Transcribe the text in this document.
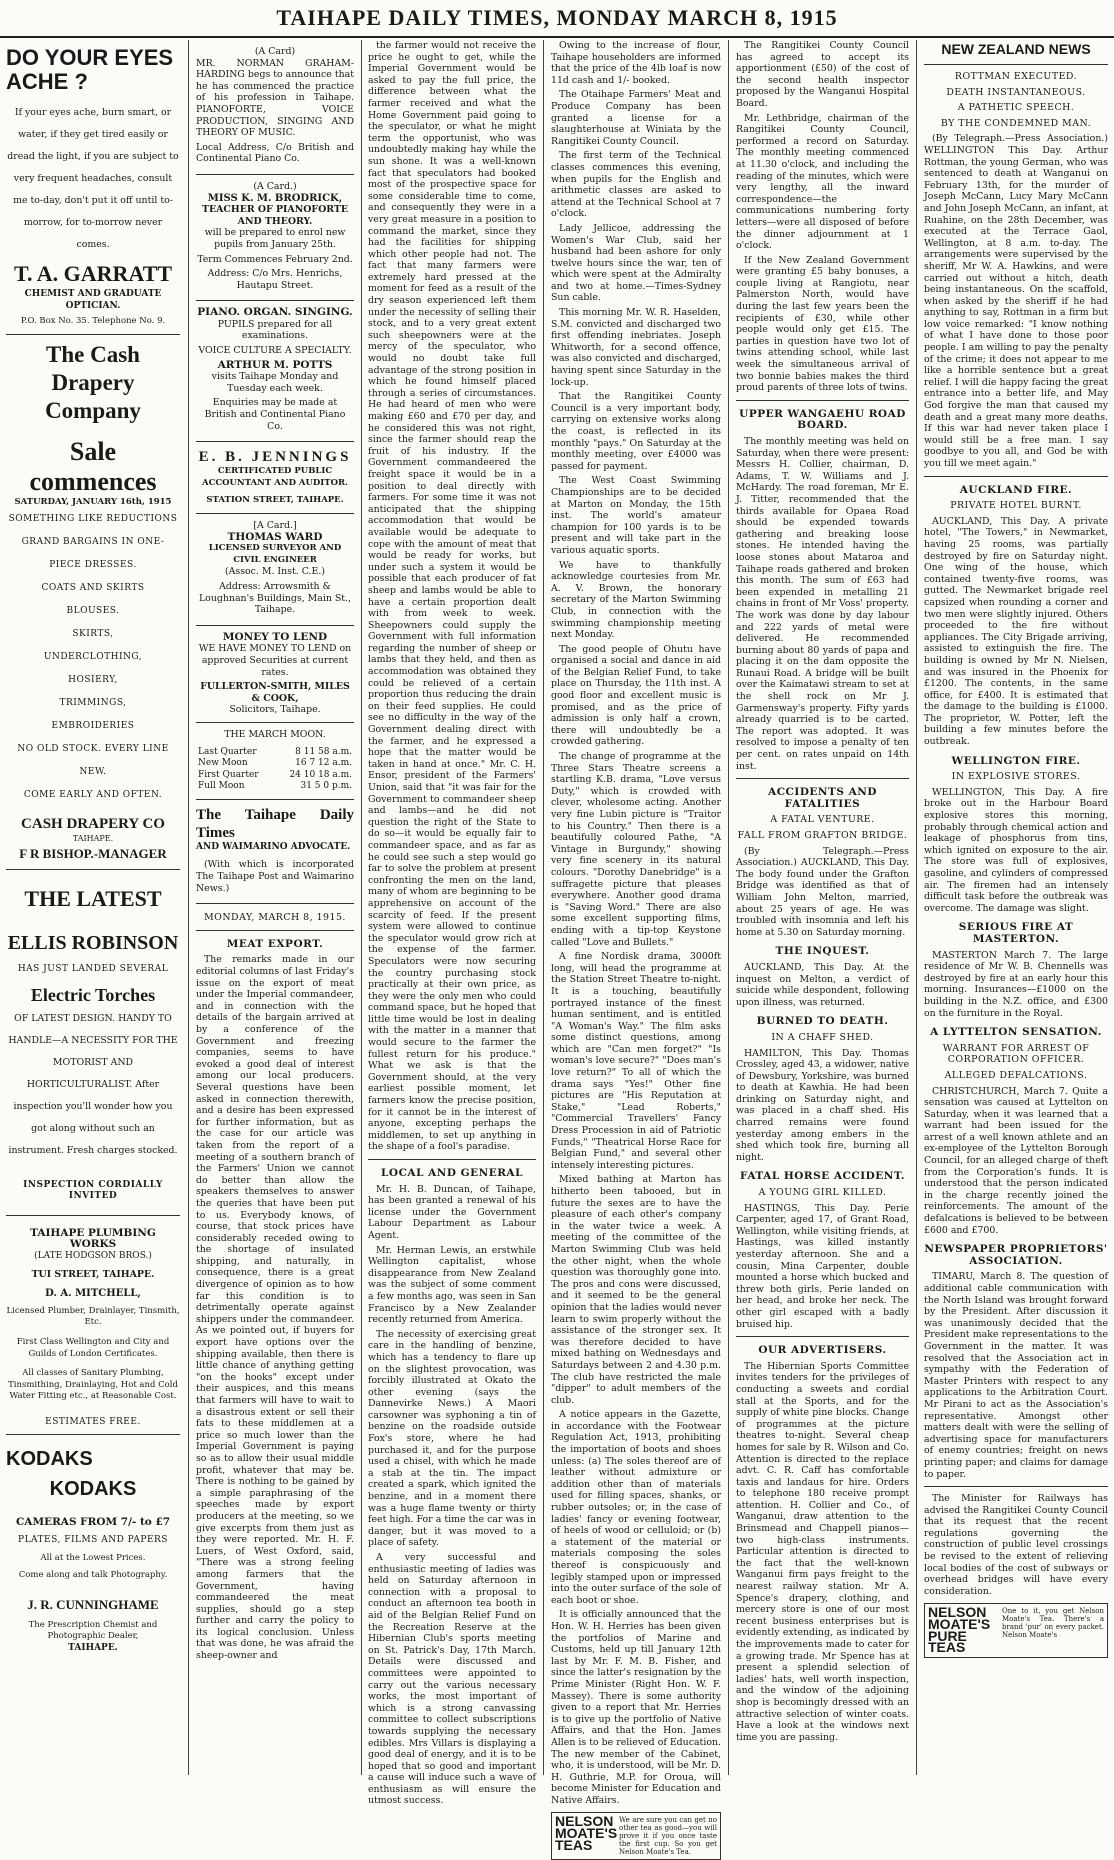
TAIHAPE DAILY TIMES, MONDAY MARCH 8, 1915
DO YOUR EYES ACHE ?

If your eyes ache, burn smart, or water, if they get tired easily or dread the light, if you are subject to very frequent headaches, consult me to-day, don't put it off until to-morrow, for to-morrow never comes.

T. A. GARRATT
CHEMIST AND GRADUATE OPTICIAN.
P.O. Box No. 35. Telephone No. 9.
The Cash Drapery Company
Sale commences
SATURDAY, JANUARY 16th, 1915
SOMETHING LIKE REDUCTIONS
GRAND BARGAINS IN ONE-PIECE DRESSES.
COATS AND SKIRTS
BLOUSES.
SKIRTS,
UNDERCLOTHING,
HOSIERY,
TRIMMINGS,
EMBROIDERIES
NO OLD STOCK. EVERY LINE NEW.
COME EARLY AND OFTEN.
CASH DRAPERY CO
TAIHAPE.
F R BISHOP.-MANAGER
THE LATEST
ELLIS ROBINSON
HAS JUST LANDED SEVERAL
Electric Torches

OF LATEST DESIGN. HANDY TO HANDLE—A NECESSITY FOR THE MOTORIST AND HORTICULTURALIST. After inspection you'll wonder how you got along without such an instrument. Fresh charges stocked.

INSPECTION CORDIALLY INVITED
TAIHAPE PLUMBING WORKS
(LATE HODGSON BROS.)
TUI STREET, TAIHAPE.
D. A. MITCHELL,
Licensed Plumber, Drainlayer, Tinsmith, Etc.
First Class Wellington and City and Guilds of London Certificates.
All classes of Sanitary Plumbing, Tinsmithing, Drainlaying, Hot and Cold Water Fitting etc., at Reasonable Cost.
ESTIMATES FREE.
KODAKS
KODAKS
CAMERAS FROM 7/- to £7
PLATES, FILMS AND PAPERS
All at the Lowest Prices.
Come along and talk Photography.
J. R. CUNNINGHAME
The Prescription Chemist and Photographic Dealer,
TAIHAPE.
(A Card)

MR. NORMAN GRAHAM-HARDING begs to announce that he has commenced the practice of his profession in Taihape. PIANOFORTE, VOICE PRODUCTION, SINGING AND THEORY OF MUSIC.

Local Address, C/o British and Continental Piano Co.

(A Card.)
MISS K. M. BRODRICK,
TEACHER OF PIANOFORTE AND THEORY.

will be prepared to enrol new pupils from January 25th.

Term Commences February 2nd.

Address: C/o Mrs. Henrichs, Hautapu Street.

PIANO. ORGAN. SINGING.

PUPILS prepared for all examinations.

VOICE CULTURE A SPECIALTY.

ARTHUR M. POTTS

visits Taihape Monday and Tuesday each week.

Enquiries may be made at British and Continental Piano Co.

E. B. JENNINGS
CERTIFICATED PUBLIC ACCOUNTANT AND AUDITOR.
STATION STREET, TAIHAPE.
[A Card.]
THOMAS WARD
LICENSED SURVEYOR AND CIVIL ENGINEER

(Assoc. M. Inst. C.E.)

Address: Arrowsmith & Loughnan's Buildings, Main St., Taihape.

MONEY TO LEND

WE HAVE MONEY TO LEND on approved Securities at current rates.

FULLERTON-SMITH, MILES & COOK,
Solicitors, Taihape.
THE MARCH MOON.
Last Quarter	8 11 58 a.m.
New Moon	16 7 12 a.m.
First Quarter	24 10 18 a.m.
Full Moon	31 5 0 p.m.
The Taihape Daily Times
AND WAIMARINO ADVOCATE.

(With which is incorporated The Taihape Post and Waimarino News.)

MONDAY, MARCH 8, 1915.
MEAT EXPORT.

The remarks made in our editorial columns of last Friday's issue on the export of meat under the Imperial commandeer, and in connection with the details of the bargain arrived at by a conference of the Government and freezing companies, seems to have evoked a good deal of interest among our local producers. Several questions have been asked in connection therewith, and a desire has been expressed for further information, but as the case for our article was taken from the report of a meeting of a southern branch of the Farmers' Union we cannot do better than allow the speakers themselves to answer the queries that have been put to us. Everybody knows, of course, that stock prices have considerably receded owing to the shortage of insulated shipping, and naturally, in consequence, there is a great divergence of opinion as to how far this condition is to detrimentally operate against shippers under the commandeer. As we pointed out, if buyers for export have options over the shipping available, then there is little chance of anything getting "on the hooks" except under their auspices, and this means that farmers will have to wait to a disastrous extent or sell their fats to these middlemen at a price so much lower than the Imperial Government is paying so as to allow their usual middle profit, whatever that may be. There is nothing to be gained by a simple paraphrasing of the speeches made by export producers at the meeting, so we give excerpts from them just as they were reported. Mr. H. F. Luers, of West Oxford, said, "There was a strong feeling among farmers that the Government, having commandeered the meat supplies, should go a step further and carry the policy to its logical conclusion. Unless that was done, he was afraid the sheep-owner and

the farmer would not receive the price he ought to get, while the Imperial Government would be asked to pay the full price, the difference between what the farmer received and what the Home Government paid going to the speculator, or what he might term the opportunist, who was undoubtedly making hay while the sun shone. It was a well-known fact that speculators had booked most of the prospective space for some considerable time to come, and consequently they were in a very great measure in a position to command the market, since they had the facilities for shipping which other people had not. The fact that many farmers were extremely hard pressed at the moment for feed as a result of the dry season experienced left them under the necessity of selling their stock, and to a very great extent such sheepowners were at the mercy of the speculator, who would no doubt take full advantage of the strong position in which he found himself placed through a series of circumstances. He had heard of men who were making £60 and £70 per day, and he considered this was not right, since the farmer should reap the fruit of his industry. If the Government commandeered the freight space it would be in a position to deal directly with farmers. For some time it was not anticipated that the shipping accommodation that would be available would be adequate to cope with the amount of meat that would be ready for works, but under such a system it would be possible that each producer of fat sheep and lambs would be able to have a certain proportion dealt with from week to week. Sheepowners could supply the Government with full information regarding the number of sheep or lambs that they held, and then as accommodation was obtained they could be relieved of a certain proportion thus reducing the drain on their feed supplies. He could see no difficulty in the way of the Government dealing direct with the farmer, and he expressed a hope that the matter would be taken in hand at once." Mr. C. H. Ensor, president of the Farmers' Union, said that "it was fair for the Government to commandeer sheep and lambs—and he did not question the right of the State to do so—it would be equally fair to commandeer space, and as far as he could see such a step would go far to solve the problem at present confronting the men on the land, many of whom are beginning to be apprehensive on account of the scarcity of feed. If the present system were allowed to continue the speculator would grow rich at the expense of the farmer. Speculators were now securing the country purchasing stock practically at their own price, as they were the only men who could command space, but he hoped that little time would be lost in dealing with the matter in a manner that would secure to the farmer the fullest return for his produce." What we ask is that the Government should, at the very earliest possible moment, let farmers know the precise position, for it cannot be in the interest of anyone, excepting perhaps the middlemen, to set up anything in the shape of a fool's paradise.

LOCAL AND GENERAL

Mr. H. B. Duncan, of Taihape, has been granted a renewal of his license under the Government Labour Department as Labour Agent.

Mr. Herman Lewis, an erstwhile Wellington capitalist, whose disappearance from New Zealand was the subject of some comment a few months ago, was seen in San Francisco by a New Zealander recently returned from America.

The necessity of exercising great care in the handling of benzine, which has a tendency to flare up on the slightest provocation, was forcibly illustrated at Okato the other evening (says the Dannevirke News.) A Maori carsowner was syphoning a tin of benzine on the roadside outside Fox's store, where he had purchased it, and for the purpose used a chisel, with which he made a stab at the tin. The impact created a spark, which ignited the benzine, and in a moment there was a huge flame twenty or thirty feet high. For a time the car was in danger, but it was moved to a place of safety.

A very successful and enthusiastic meeting of ladies was held on Saturday afternoon in connection with a proposal to conduct an afternoon tea booth in aid of the Belgian Relief Fund on the Recreation Reserve at the Hibernian Club's sports meeting on St. Patrick's Day, 17th March. Details were discussed and committees were appointed to carry out the various necessary works, the most important of which is a strong canvassing committee to collect subscriptions towards supplying the necessary edibles. Mrs Villars is displaying a good deal of energy, and it is to be hoped that so good and important a cause will induce such a wave of enthusiasm as will ensure the utmost success.

Owing to the increase of flour, Taihape householders are informed that the price of the 4lb loaf is now 11d cash and 1/- booked.

The Otaihape Farmers' Meat and Produce Company has been granted a license for a slaughterhouse at Winiata by the Rangitikei County Council.

The first term of the Technical classes commences this evening, when pupils for the English and arithmetic classes are asked to attend at the Technical School at 7 o'clock.

Lady Jellicoe, addressing the Women's War Club, said her husband had been ashore for only twelve hours since the war, ten of which were spent at the Admiralty and two at home.—Times-Sydney Sun cable.

This morning Mr. W. R. Haselden, S.M. convicted and discharged two first offending inebriates. Joseph Whitworth, for a second offence, was also convicted and discharged, having spent since Saturday in the lock-up.

That the Rangitikei County Council is a very important body, carrying on extensive works along the coast, is reflected in its monthly "pays." On Saturday at the monthly meeting, over £4000 was passed for payment.

The West Coast Swimming Championships are to be decided at Marton on Monday, the 15th inst. The world's amateur champion for 100 yards is to be present and will take part in the various aquatic sports.

We have to thankfully acknowledge courtesies from Mr. A. V. Brown, the honorary secretary of the Marton Swimming Club, in connection with the swimming championship meeting next Monday.

The good people of Ohutu have organised a social and dance in aid of the Belgian Relief Fund, to take place on Thursday, the 11th inst. A good floor and excellent music is promised, and as the price of admission is only half a crown, there will undoubtedly be a crowded gathering.

The change of programme at the Three Stars Theatre screens a startling K.B. drama, "Love versus Duty," which is crowded with clever, wholesome acting. Another very fine Lubin picture is "Traitor to his Country." Then there is a beautifully coloured Pathe, "A Vintage in Burgundy," showing very fine scenery in its natural colours. "Dorothy Danebridge" is a suffragette picture that pleases everywhere. Another good drama is "Saving Word." There are also some excellent supporting films, ending with a tip-top Keystone called "Love and Bullets."

A fine Nordisk drama, 3000ft long, will head the programme at the Station Street Theatre to-night. It is a touching, beautifully portrayed instance of the finest human sentiment, and is entitled "A Woman's Way." The film asks some distinct questions, among which are "Can men forget?" "Is woman's love secure?" "Does man's love return?" To all of which the drama says "Yes!" Other fine pictures are "His Reputation at Stake," "Lead Roberts," "Commercial Travellers' Fancy Dress Procession in aid of Patriotic Funds," "Theatrical Horse Race for Belgian Fund," and several other intensely interesting pictures.

Mixed bathing at Marton has hitherto been tabooed, but in future the sexes are to have the pleasure of each other's company in the water twice a week. A meeting of the committee of the Marton Swimming Club was held the other night, when the whole question was thoroughly gone into. The pros and cons were discussed, and it seemed to be the general opinion that the ladies would never learn to swim properly without the assistance of the stronger sex. It was therefore decided to have mixed bathing on Wednesdays and Saturdays between 2 and 4.30 p.m. The club have restricted the male "dipper" to adult members of the club.

A notice appears in the Gazette, in accordance with the Footwear Regulation Act, 1913, prohibiting the importation of boots and shoes unless: (a) The soles thereof are of leather without admixture or addition other than of materials used for filling spaces, shanks, or rubber outsoles; or, in the case of ladies' fancy or evening footwear, of heels of wood or celluloid; or (b) a statement of the material or materials composing the soles thereof is conspicuously and legibly stamped upon or impressed into the outer surface of the sole of each boot or shoe.

It is officially announced that the Hon. W. H. Herries has been given the portfolios of Marine and Customs, held up till January 12th last by Mr. F. M. B. Fisher, and since the latter's resignation by the Prime Minister (Right Hon. W. F. Massey). There is some authority given to a report that Mr. Herries is to give up the portfolio of Native Affairs, and that the Hon. James Allen is to be relieved of Education. The new member of the Cabinet, who, it is understood, will be Mr. D. H. Guthrie, M.P. for Oroua, will become Minister for Education and Native Affairs.

NELSON MOATE'S TEAS
We are sure you can get no other tea as good—you will prove it if you once taste the first cup. So you get Nelson Moate's Tea.

The Rangitikei County Council has agreed to accept its apportionment (£50) of the cost of the second health inspector proposed by the Wanganui Hospital Board.

Mr. Lethbridge, chairman of the Rangitikei County Council, performed a record on Saturday. The monthly meeting commenced at 11.30 o'clock, and including the reading of the minutes, which were very lengthy, all the inward correspondence—the communications numbering forty letters—were all disposed of before the dinner adjournment at 1 o'clock.

If the New Zealand Government were granting £5 baby bonuses, a couple living at Rangiotu, near Palmerston North, would have during the last few years been the recipients of £30, while other people would only get £15. The parties in question have two lot of twins attending school, while last week the simultaneous arrival of two bonnie babies makes the third proud parents of three lots of twins.

UPPER WANGAEHU ROAD BOARD.

The monthly meeting was held on Saturday, when there were present: Messrs H. Collier, chairman, D. Adams, T. W. Williams and J. McHardy. The road foreman, Mr E. J. Titter, recommended that the thirds available for Opaea Road should be expended towards gathering and breaking loose stones. He intended having the loose stones about Mataroa and Taihape roads gathered and broken this month. The sum of £63 had been expended in metalling 21 chains in front of Mr Voss' property. The work was done by day labour and 222 yards of metal were delivered. He recommended burning about 80 yards of papa and placing it on the dam opposite the Runaui Road. A bridge will be built over the Kaimatawi stream to set at the shell rock on Mr J. Garmensway's property. Fifty yards already quarried is to be carted. The report was adopted. It was resolved to impose a penalty of ten per cent. on rates unpaid on 14th inst.

ACCIDENTS AND FATALITIES
A FATAL VENTURE.
FALL FROM GRAFTON BRIDGE.

(By Telegraph.—Press Association.) AUCKLAND, This Day. The body found under the Grafton Bridge was identified as that of William John Melton, married, about 25 years of age. He was troubled with insomnia and left his home at 5.30 on Saturday morning.

THE INQUEST.

AUCKLAND, This Day. At the inquest on Melton, a verdict of suicide while despondent, following upon illness, was returned.

BURNED TO DEATH.
IN A CHAFF SHED.

HAMILTON, This Day. Thomas Crossley, aged 43, a widower, native of Dewsbury, Yorkshire, was burned to death at Kawhia. He had been drinking on Saturday night, and was placed in a chaff shed. His charred remains were found yesterday among embers in the shed which took fire, burning all night.

FATAL HORSE ACCIDENT.
A YOUNG GIRL KILLED.

HASTINGS, This Day. Perie Carpenter, aged 17, of Grant Road, Wellington, while visiting friends, at Hastings, was killed instantly yesterday afternoon. She and a cousin, Mina Carpenter, double mounted a horse which bucked and threw both girls. Perie landed on her head, and broke her neck. The other girl escaped with a badly bruised hip.

OUR ADVERTISERS.

The Hibernian Sports Committee invites tenders for the privileges of conducting a sweets and cordial stall at the Sports, and for the supply of white pine blocks. Change of programmes at the picture theatres to-night. Several cheap homes for sale by R. Wilson and Co. Attention is directed to the replace advt. C. R. Caff has comfortable taxis and landaus for hire. Orders to telephone 180 receive prompt attention. H. Collier and Co., of Wanganui, draw attention to the Brinsmead and Chappell pianos—two high-class instruments. Particular attention is directed to the fact that the well-known Wanganui firm pays freight to the nearest railway station. Mr A. Spence's drapery, clothing, and mercery store is one of our most recent business enterprises but is evidently extending, as indicated by the improvements made to cater for a growing trade. Mr Spence has at present a splendid selection of ladies' hats, well worth inspection, and the window of the adjoining shop is becomingly dressed with an attractive selection of winter coats. Have a look at the windows next time you are passing.

NEW ZEALAND NEWS
ROTTMAN EXECUTED.
DEATH INSTANTANEOUS.
A PATHETIC SPEECH.
BY THE CONDEMNED MAN.

(By Telegraph.—Press Association.) WELLINGTON This Day. Arthur Rottman, the young German, who was sentenced to death at Wanganui on February 13th, for the murder of Joseph McCann, Lucy Mary McCann and John Joseph McCann, an infant, at Ruahine, on the 28th December, was executed at the Terrace Gaol, Wellington, at 8 a.m. to-day. The arrangements were supervised by the sheriff, Mr W. A. Hawkins, and were carried out without a hitch, death being instantaneous. On the scaffold, when asked by the sheriff if he had anything to say, Rottman in a firm but low voice remarked: "I know nothing of what I have done to those poor people. I am willing to pay the penalty of the crime; it does not appear to me like a horrible sentence but a great relief. I will die happy facing the great entrance into a better life, and May God forgive the man that caused my death and a great many more deaths. If this war had never taken place I would still be a free man. I say goodbye to you all, and God be with you till we meet again."

AUCKLAND FIRE.
PRIVATE HOTEL BURNT.

AUCKLAND, This Day. A private hotel, "The Towers," in Newmarket, having 25 rooms, was partially destroyed by fire on Saturday night. One wing of the house, which contained twenty-five rooms, was gutted. The Newmarket brigade reel capsized when rounding a corner and two men were slightly injured. Others proceeded to the fire without appliances. The City Brigade arriving, assisted to extinguish the fire. The building is owned by Mr N. Nielsen, and was insured in the Phoenix for £1200. The contents, in the same office, for £400. It is estimated that the damage to the building is £1000. The proprietor, W. Potter, left the building a few minutes before the outbreak.

WELLINGTON FIRE.
IN EXPLOSIVE STORES.

WELLINGTON, This Day. A fire broke out in the Harbour Board explosive stores this morning, probably through chemical action and leakage of phosphorus from tins, which ignited on exposure to the air. The store was full of explosives, gasoline, and cylinders of compressed air. The firemen had an intensely difficult task before the outbreak was overcome. The damage was slight.

SERIOUS FIRE AT MASTERTON.

MASTERTON March 7. The large residence of Mr W. B. Chennells was destroyed by fire at an early hour this morning. Insurances—£1000 on the building in the N.Z. office, and £300 on the furniture in the Royal.

A LYTTELTON SENSATION.
WARRANT FOR ARREST OF CORPORATION OFFICER.
ALLEGED DEFALCATIONS.

CHRISTCHURCH, March 7. Quite a sensation was caused at Lyttelton on Saturday, when it was learned that a warrant had been issued for the arrest of a well known athlete and an ex-employee of the Lyttelton Borough Council, for an alleged charge of theft from the Corporation's funds. It is understood that the person indicated in the charge recently joined the reinforcements. The amount of the defalcations is believed to be between £600 and £700.

NEWSPAPER PROPRIETORS' ASSOCIATION.

TIMARU, March 8. The question of additional cable communication with the North Island was brought forward by the President. After discussion it was unanimously decided that the President make representations to the Government in the matter. It was resolved that the Association act in sympathy with the Federation of Master Printers with respect to any applications to the Arbitration Court. Mr Pirani to act as the Association's representative. Amongst other matters dealt with were the selling of advertising space for manufacturers of enemy countries; freight on news printing paper; and claims for damage to paper.

The Minister for Railways has advised the Rangitikei County Council that its request that the recent regulations governing the construction of public level crossings be revised to the extent of relieving local bodies of the cost of subways or overhead bridges will have every consideration.

NELSON MOATE'S PURE TEAS
One to it, you get Nelson Moate's Tea. There's a brand 'pur' on every packet. Nelson Moate's
